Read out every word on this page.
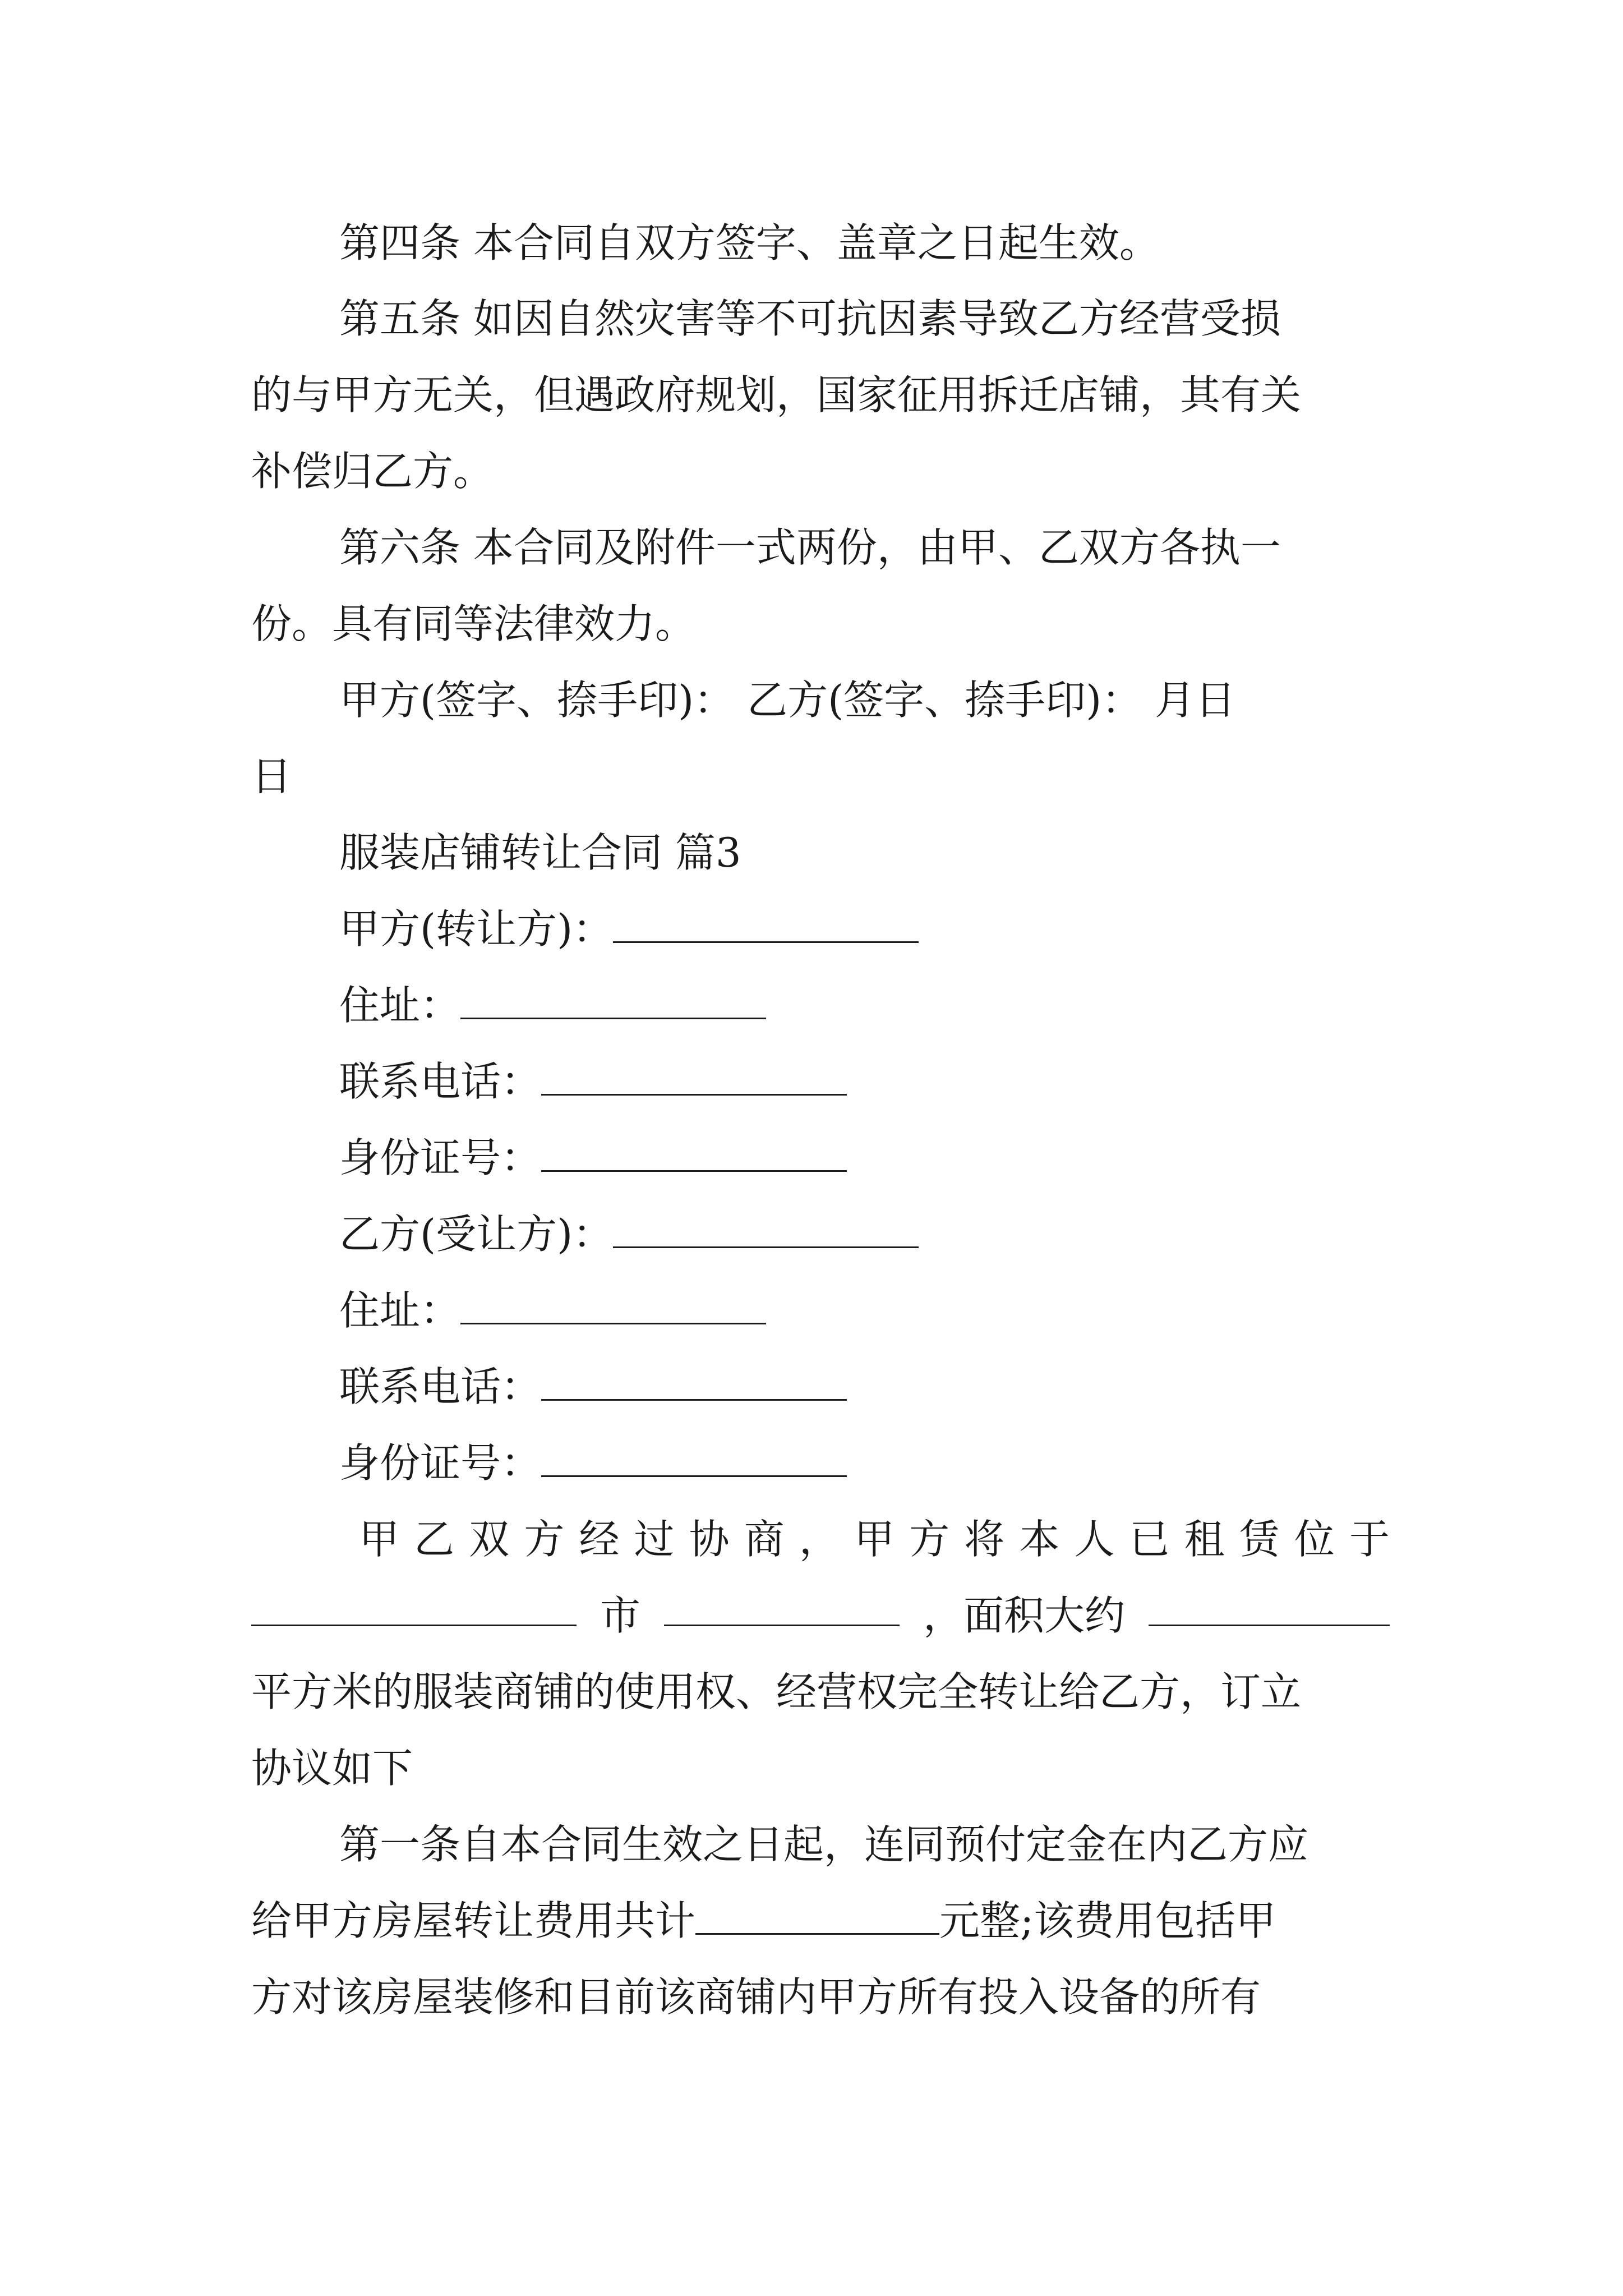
第四条 本合同自双方签字、盖章之日起生效。
第五条 如因自然灾害等不可抗因素导致乙方经营受损
的与甲方无关，但遇政府规划，国家征用拆迁店铺，其有关
补偿归乙方。
第六条 本合同及附件一式两份，由甲、乙双方各执一
份。具有同等法律效力。
甲方(签字、捺手印)： 乙方(签字、捺手印)： 月日
日
服装店铺转让合同 篇3
甲方(转让方)：
住址：
联系电话：
身份证号：
乙方(受让方)：
住址：
联系电话：
身份证号：
甲 乙 双 方 经 过 协 商 ， 甲 方 将 本 人 已 租 赁 位 于
市	，面积大约
平方米的服装商铺的使用权、经营权完全转让给乙方，订立
协议如下
第一条自本合同生效之日起，连同预付定金在内乙方应
给甲方房屋转让费用共计	元整;该费用包括甲
方对该房屋装修和目前该商铺内甲方所有投入设备的所有
